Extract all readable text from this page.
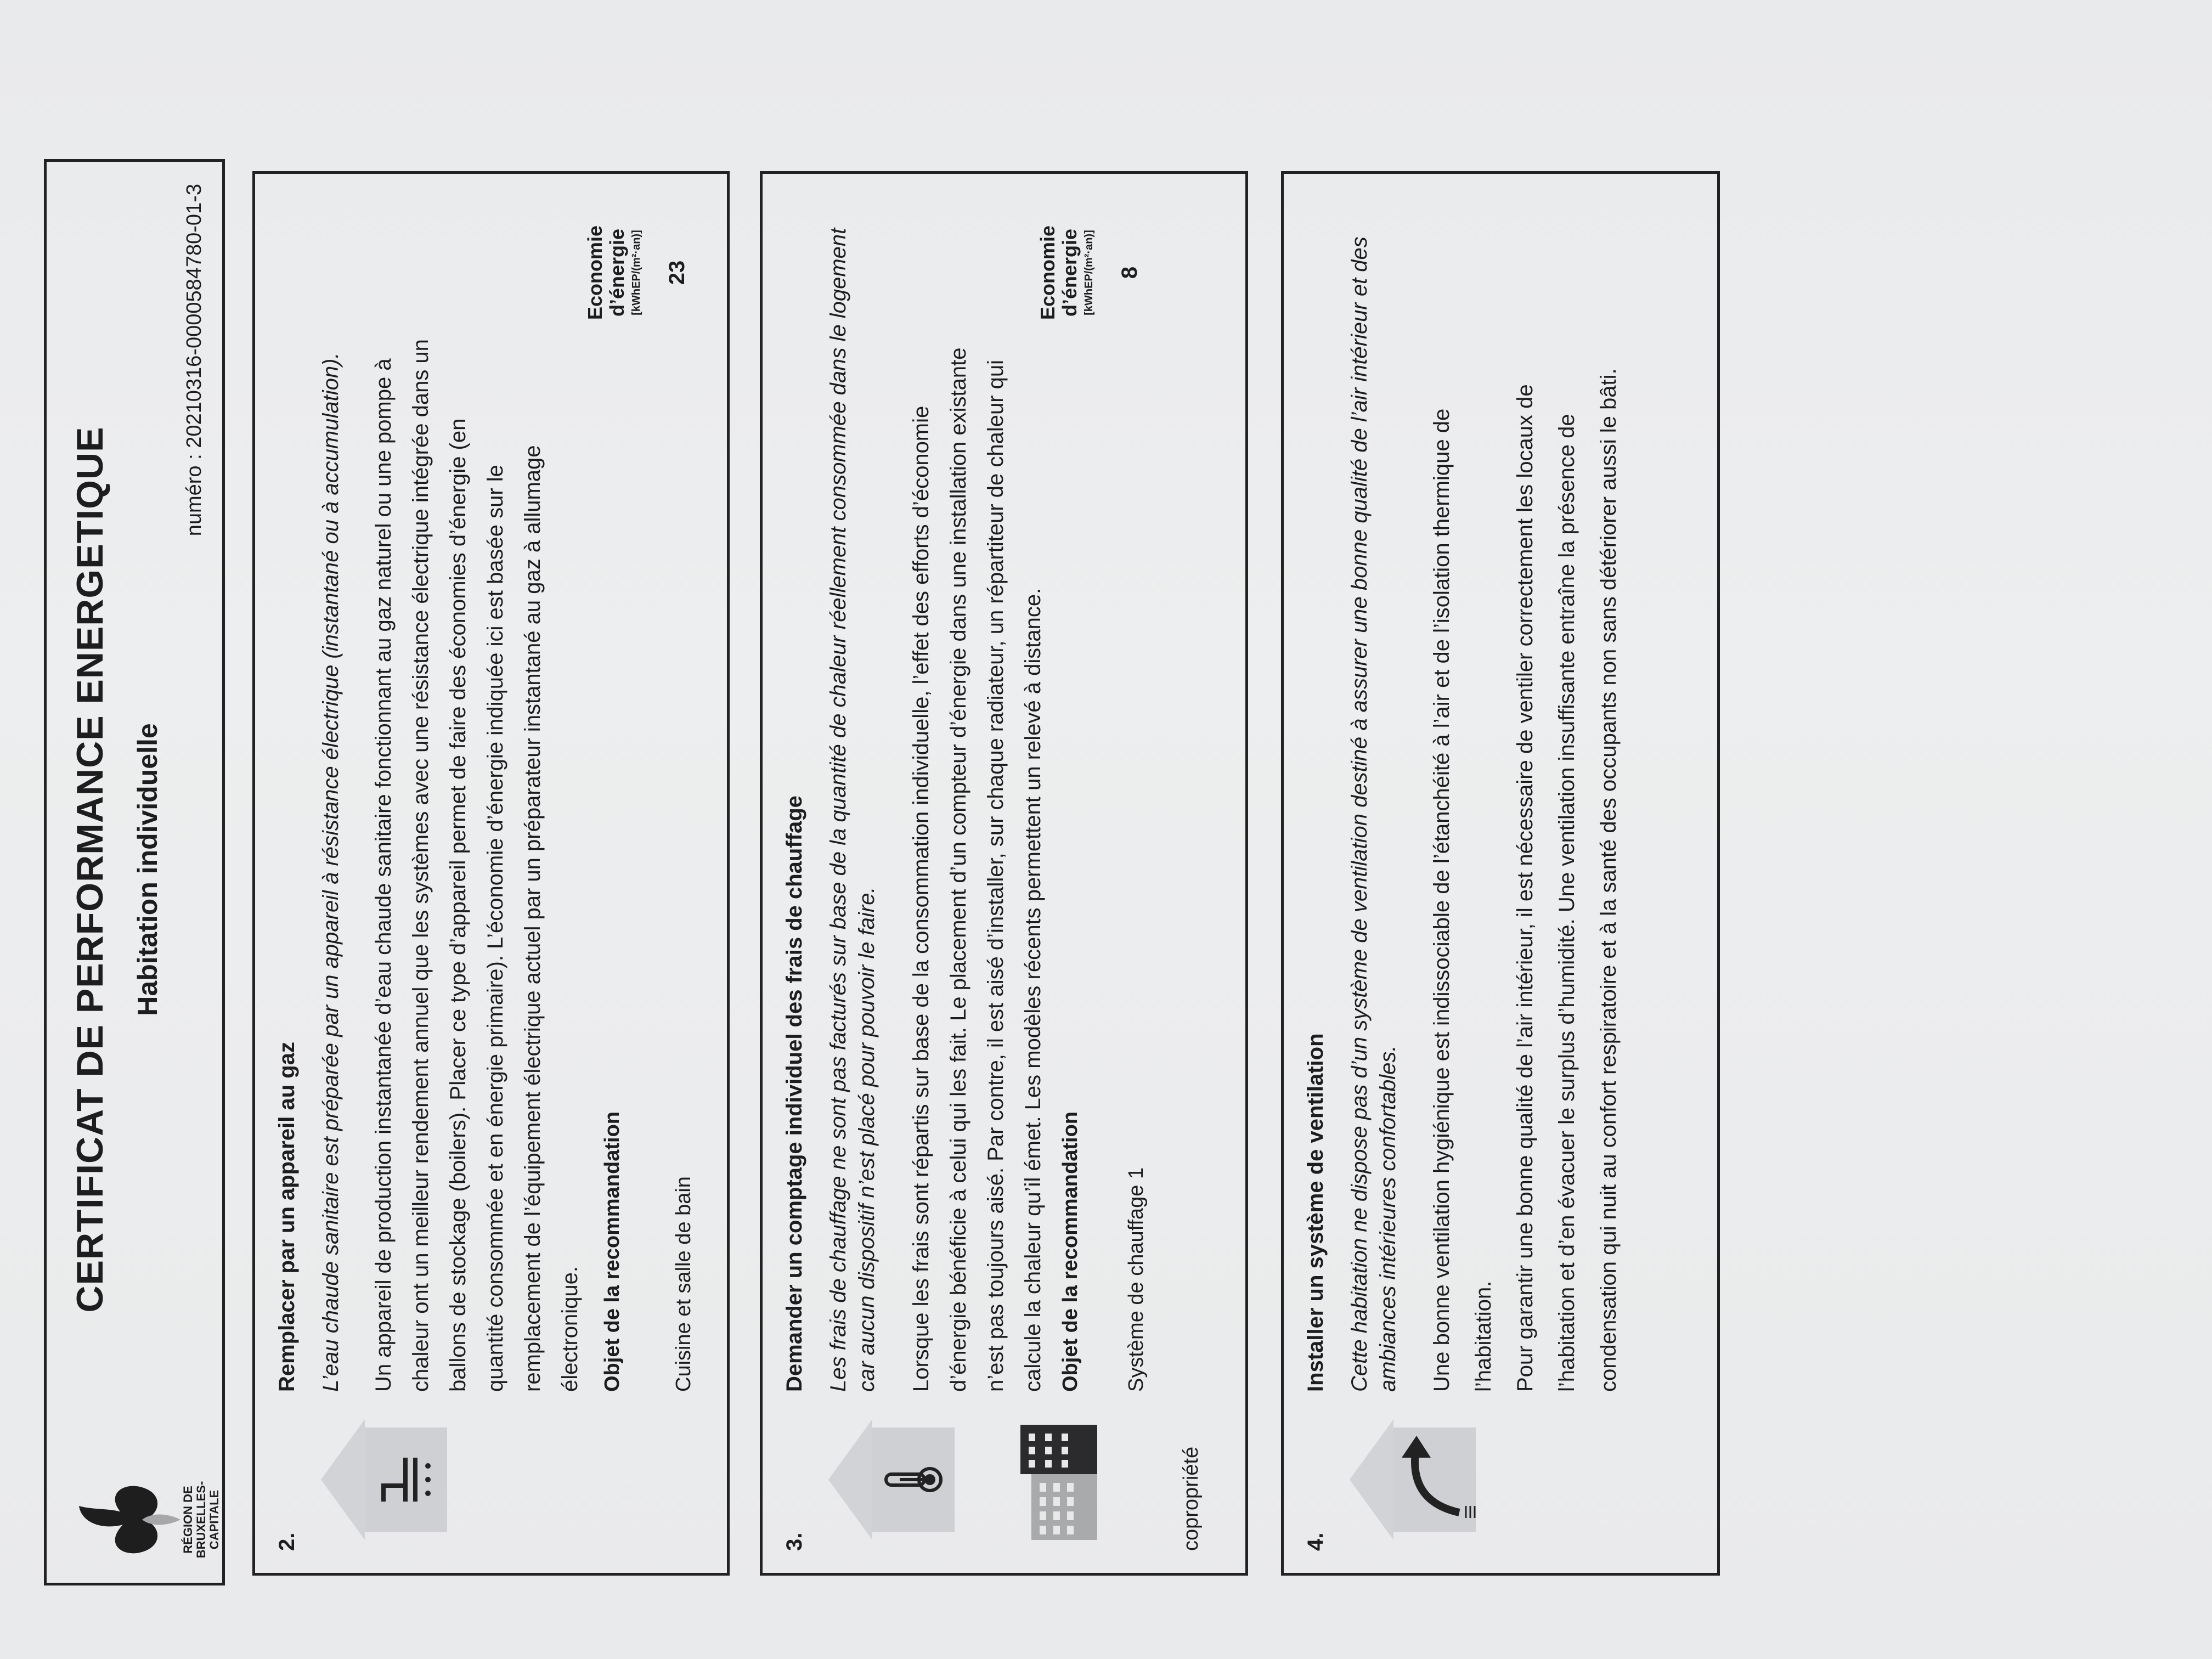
RÉGION DE BRUXELLES- CAPITALE
CERTIFICAT DE PERFORMANCE ENERGETIQUE Habitation individuelle
numéro : 20210316-0000584780-01-3
2.
Remplacer par un appareil au gaz L’eau chaude sanitaire est préparée par un appareil à résistance électrique (instantané ou à accumulation).	Un appareil de production instantanée d’eau chaude sanitaire fonctionnant au gaz naturel ou une pompe à chaleur ont un meilleur rendement annuel que les systèmes avec une résistance électrique intégrée dans un ballons de stockage (boilers). Placer ce type d’appareil permet de faire des économies d’énergie (en quantité consommée et en énergie primaire). L’économie d’énergie indiquée ici est basée sur le remplacement de l’équipement électrique actuel par un préparateur instantané au gaz à allumage électronique. Objet de la recommandation Cuisine et salle de bain
Economie d’énergie [kWhEP/(m²·an)] 23
3.
Demander un comptage individuel des frais de chauffage Les frais de chauffage ne sont pas facturés sur base de la quantité de chaleur réellement consommée dans le logement car aucun dispositif n’est placé pour pouvoir le faire.	Lorsque les frais sont répartis sur base de la consommation individuelle, l’effet des efforts d’économie d’énergie bénéficie à celui qui les fait. Le placement d’un compteur d’énergie dans une installation existante n’est pas toujours aisé. Par contre, il est aisé d’installer, sur chaque radiateur, un répartiteur de chaleur qui calcule la chaleur qu’il émet. Les modèles récents permettent un relevé à distance. Objet de la recommandation Système de chauffage 1
copropriété
Economie d’énergie [kWhEP/(m²·an)] 8
4.
Installer un système de ventilation Cette habitation ne dispose pas d’un système de ventilation destiné à assurer une bonne qualité de l’air intérieur et des ambiances intérieures confortables.	Une bonne ventilation hygiénique est indissociable de l’étanchéité à l’air et de l’isolation thermique de l’habitation. Pour garantir une bonne qualité de l’air intérieur, il est nécessaire de ventiler correctement les locaux de l’habitation et d’en évacuer le surplus d’humidité. Une ventilation insuffisante entraîne la présence de condensation qui nuit au confort respiratoire et à la santé des occupants non sans détériorer aussi le bâti.
